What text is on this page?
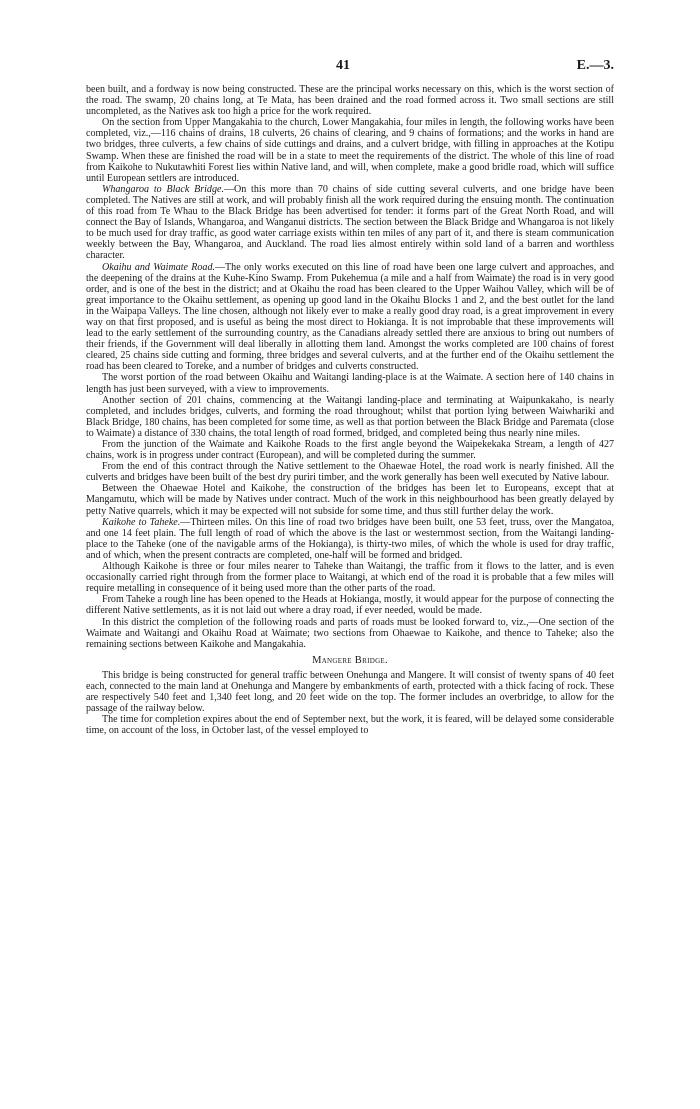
41	E.—3.

been built, and a fordway is now being constructed. These are the principal works necessary on this, which is the worst section of the road. The swamp, 20 chains long, at Te Mata, has been drained and the road formed across it. Two small sections are still uncompleted, as the Natives ask too high a price for the work required.

On the section from Upper Mangakahia to the church, Lower Mangakahia, four miles in length, the following works have been completed, viz.,—116 chains of drains, 18 culverts, 26 chains of clearing, and 9 chains of formations; and the works in hand are two bridges, three culverts, a few chains of side cuttings and drains, and a culvert bridge, with filling in approaches at the Kotipu Swamp. When these are finished the road will be in a state to meet the requirements of the district. The whole of this line of road from Kaikohe to Nukutawhiti Forest lies within Native land, and will, when complete, make a good bridle road, which will suffice until European settlers are introduced.

Whangaroa to Black Bridge.—On this more than 70 chains of side cutting several culverts, and one bridge have been completed. The Natives are still at work, and will probably finish all the work required during the ensuing month. The continuation of this road from Te Whau to the Black Bridge has been advertised for tender: it forms part of the Great North Road, and will connect the Bay of Islands, Whangaroa, and Wanganui districts. The section between the Black Bridge and Whangaroa is not likely to be much used for dray traffic, as good water carriage exists within ten miles of any part of it, and there is steam communication weekly between the Bay, Whangaroa, and Auckland. The road lies almost entirely within sold land of a barren and worthless character.

Okaihu and Waimate Road.—The only works executed on this line of road have been one large culvert and approaches, and the deepening of the drains at the Kuhe-Kino Swamp. From Pukehemua (a mile and a half from Waimate) the road is in very good order, and is one of the best in the district; and at Okaihu the road has been cleared to the Upper Waihou Valley, which will be of great importance to the Okaihu settlement, as opening up good land in the Okaihu Blocks 1 and 2, and the best outlet for the land in the Waipapa Valleys. The line chosen, although not likely ever to make a really good dray road, is a great improvement in every way on that first proposed, and is useful as being the most direct to Hokianga. It is not improbable that these improvements will lead to the early settlement of the surrounding country, as the Canadians already settled there are anxious to bring out numbers of their friends, if the Government will deal liberally in allotting them land. Amongst the works completed are 100 chains of forest cleared, 25 chains side cutting and forming, three bridges and several culverts, and at the further end of the Okaihu settlement the road has been cleared to Toreke, and a number of bridges and culverts constructed.

The worst portion of the road between Okaihu and Waitangi landing-place is at the Waimate. A section here of 140 chains in length has just been surveyed, with a view to improvements.

Another section of 201 chains, commencing at the Waitangi landing-place and terminating at Waipunkakaho, is nearly completed, and includes bridges, culverts, and forming the road throughout; whilst that portion lying between Waiwhariki and Black Bridge, 180 chains, has been completed for some time, as well as that portion between the Black Bridge and Paremata (close to Waimate) a distance of 330 chains, the total length of road formed, bridged, and completed being thus nearly nine miles.

From the junction of the Waimate and Kaikohe Roads to the first angle beyond the Waipekekaka Stream, a length of 427 chains, work is in progress under contract (European), and will be completed during the summer.

From the end of this contract through the Native settlement to the Ohaewae Hotel, the road work is nearly finished. All the culverts and bridges have been built of the best dry puriri timber, and the work generally has been well executed by Native labour.

Between the Ohaewae Hotel and Kaikohe, the construction of the bridges has been let to Europeans, except that at Mangamutu, which will be made by Natives under contract. Much of the work in this neighbourhood has been greatly delayed by petty Native quarrels, which it may be expected will not subside for some time, and thus still further delay the work.

Kaikohe to Taheke.—Thirteen miles. On this line of road two bridges have been built, one 53 feet, truss, over the Mangatoa, and one 14 feet plain. The full length of road of which the above is the last or westernmost section, from the Waitangi landing-place to the Taheke (one of the navigable arms of the Hokianga), is thirty-two miles, of which the whole is used for dray traffic, and of which, when the present contracts are completed, one-half will be formed and bridged.

Although Kaikohe is three or four miles nearer to Taheke than Waitangi, the traffic from it flows to the latter, and is even occasionally carried right through from the former place to Waitangi, at which end of the road it is probable that a few miles will require metalling in consequence of it being used more than the other parts of the road.

From Taheke a rough line has been opened to the Heads at Hokianga, mostly, it would appear for the purpose of connecting the different Native settlements, as it is not laid out where a dray road, if ever needed, would be made.

In this district the completion of the following roads and parts of roads must be looked forward to, viz.,—One section of the Waimate and Waitangi and Okaihu Road at Waimate; two sections from Ohaewae to Kaikohe, and thence to Taheke; also the remaining sections between Kaikohe and Mangakahia.

Mangere Bridge.

This bridge is being constructed for general traffic between Onehunga and Mangere. It will consist of twenty spans of 40 feet each, connected to the main land at Onehunga and Mangere by embankments of earth, protected with a thick facing of rock. These are respectively 540 feet and 1,340 feet long, and 20 feet wide on the top. The former includes an overbridge, to allow for the passage of the railway below.

The time for completion expires about the end of September next, but the work, it is feared, will be delayed some considerable time, on account of the loss, in October last, of the vessel employed to
